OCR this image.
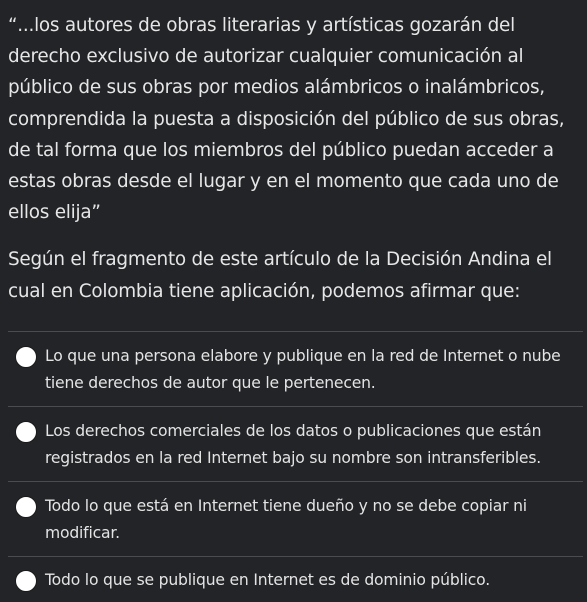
“...los autores de obras literarias y artísticas gozarán del derecho exclusivo de autorizar cualquier comunicación al público de sus obras por medios alámbricos o inalámbricos, comprendida la puesta a disposición del público de sus obras, de tal forma que los miembros del público puedan acceder a estas obras desde el lugar y en el momento que cada uno de ellos elija”

Según el fragmento de este artículo de la Decisión Andina el cual en Colombia tiene aplicación, podemos afirmar que:

Lo que una persona elabore y publique en la red de Internet o nube tiene derechos de autor que le pertenecen.
Los derechos comerciales de los datos o publicaciones que están registrados en la red Internet bajo su nombre son intransferibles.
Todo lo que está en Internet tiene dueño y no se debe copiar ni modificar.
Todo lo que se publique en Internet es de dominio público.
